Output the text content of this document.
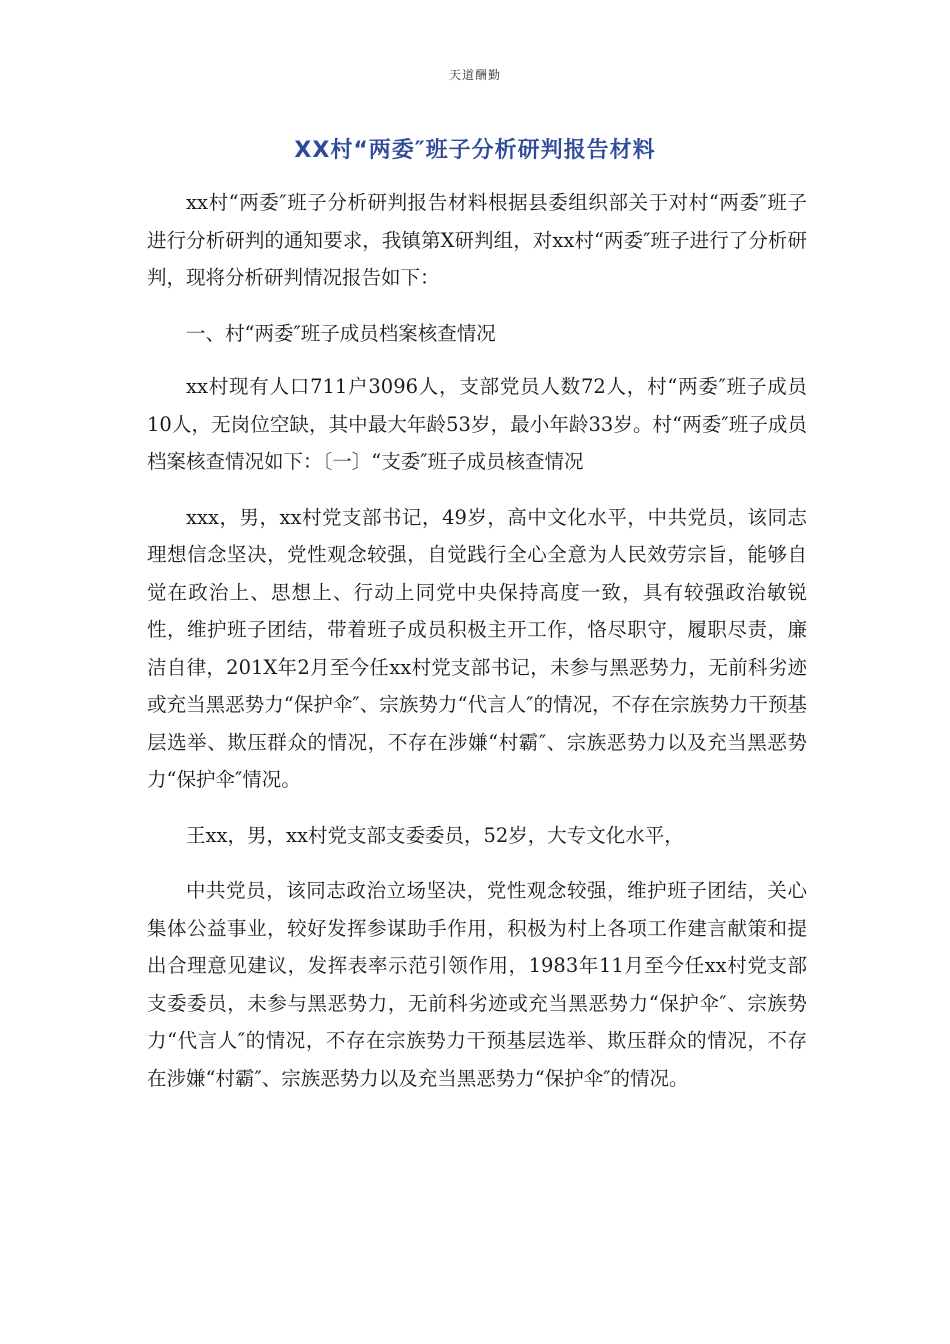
天道酬勤
XX村“两委″班子分析研判报告材料

xx村“两委″班子分析研判报告材料根据县委组织部关于对村“两委″班子进行分析研判的通知要求，我镇第X研判组，对xx村“两委″班子进行了分析研判，现将分析研判情况报告如下：

一、村“两委″班子成员档案核查情况

xx村现有人口711户3096人，支部党员人数72人，村“两委″班子成员10人，无岗位空缺，其中最大年龄53岁，最小年龄33岁。村“两委″班子成员档案核查情况如下：〔一〕“支委″班子成员核查情况

xxx，男，xx村党支部书记，49岁，高中文化水平，中共党员，该同志理想信念坚决，党性观念较强，自觉践行全心全意为人民效劳宗旨，能够自觉在政治上、思想上、行动上同党中央保持高度一致，具有较强政治敏锐性，维护班子团结，带着班子成员积极主开工作，恪尽职守，履职尽责，廉洁自律，201X年2月至今任xx村党支部书记，未参与黑恶势力，无前科劣迹或充当黑恶势力“保护伞″、宗族势力“代言人″的情况，不存在宗族势力干预基层选举、欺压群众的情况，不存在涉嫌“村霸″、宗族恶势力以及充当黑恶势力“保护伞″情况。

王xx，男，xx村党支部支委委员，52岁，大专文化水平，

中共党员，该同志政治立场坚决，党性观念较强，维护班子团结，关心集体公益事业，较好发挥参谋助手作用，积极为村上各项工作建言献策和提出合理意见建议，发挥表率示范引领作用，1983年11月至今任xx村党支部支委委员，未参与黑恶势力，无前科劣迹或充当黑恶势力“保护伞″、宗族势力“代言人″的情况，不存在宗族势力干预基层选举、欺压群众的情况，不存在涉嫌“村霸″、宗族恶势力以及充当黑恶势力“保护伞″的情况。
